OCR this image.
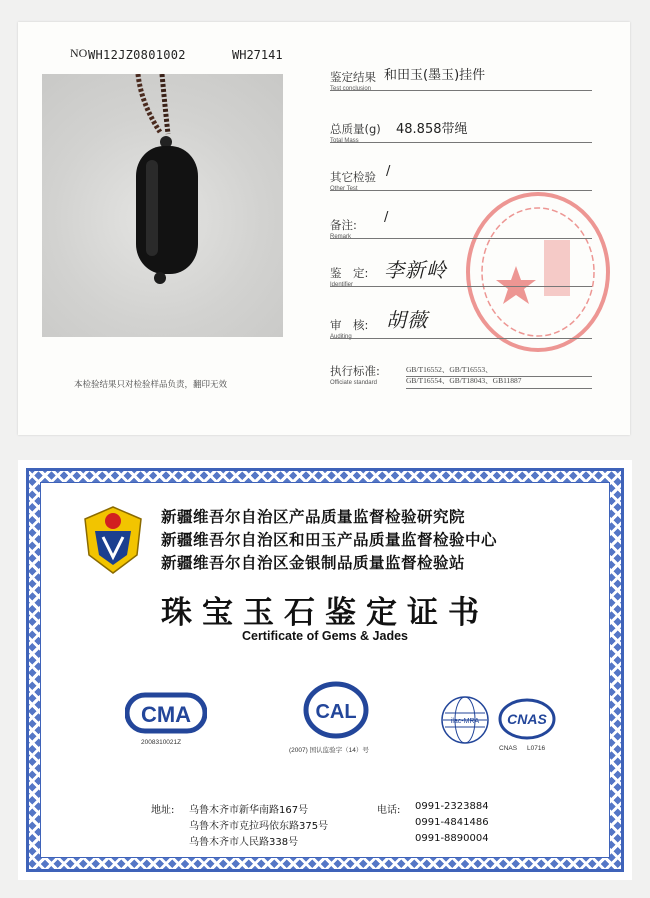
NO WH12JZ0801002	WH27141
本检验结果只对检验样品负责，翻印无效
鉴定结果
Test conclusion
和田玉(墨玉)挂件
总质量(g)
Total Mass
48.858带绳
其它检验
Other Test
/
备注:
Remark
/
鉴　定:
Identifier
李新岭
审　核:
Auditing
胡薇
执行标准:
Officiate standard
GB/T16552、GB/T16553、
GB/T16554、GB/T18043、GB11887
新疆维吾尔自治区产品质量监督检验研究院
新疆维吾尔自治区和田玉产品质量监督检验中心
新疆维吾尔自治区金银制品质量监督检验站
珠宝玉石鉴定证书
Certificate of Gems & Jades
CMA
2008310021Z
CAL
(2007) 国认监验字（14）号
ilac-MRA CNAS
CNAS L0716
地址: 乌鲁木齐市新华南路167号
乌鲁木齐市克拉玛依东路375号
乌鲁木齐市人民路338号
电话: 0991-2323884
0991-4841486
0991-8890004
